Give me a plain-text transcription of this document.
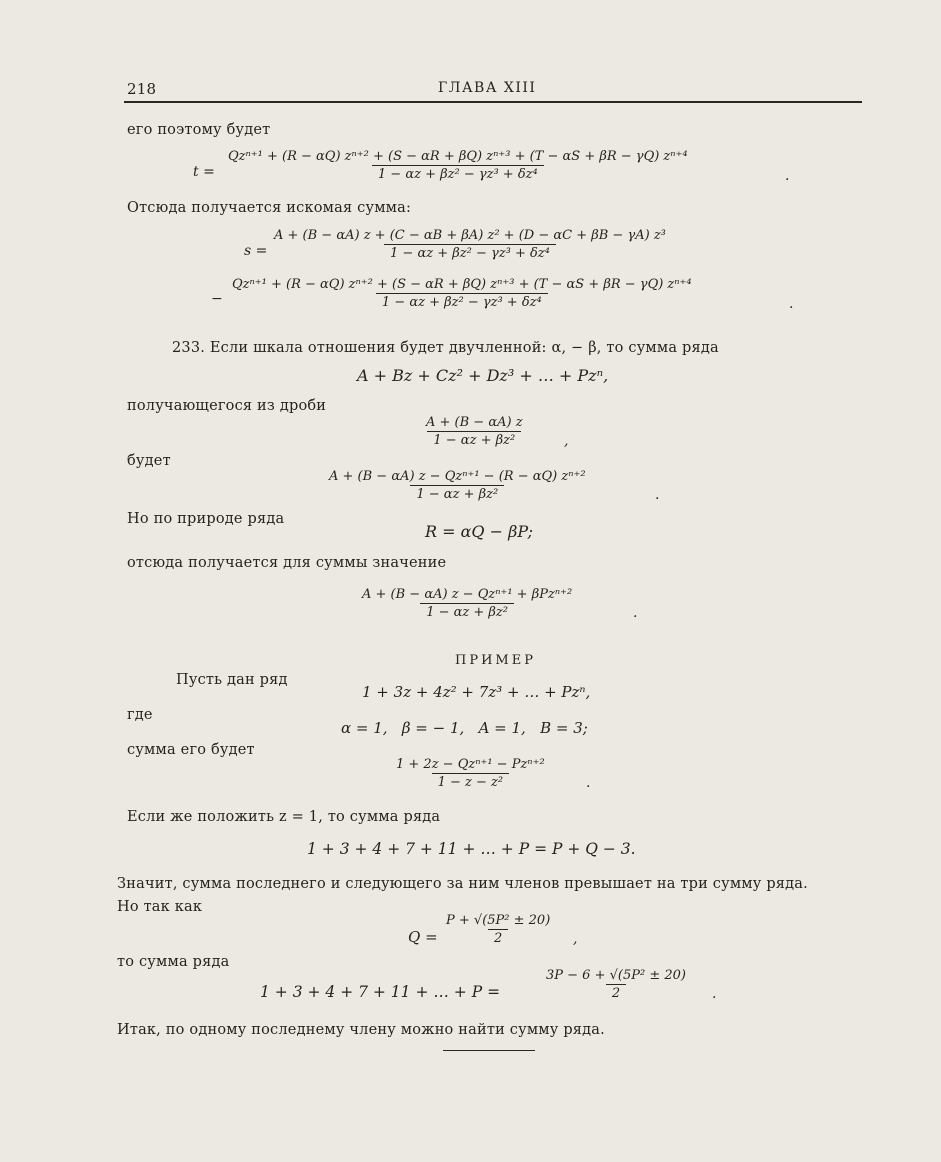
218	ГЛАВА XIII
его поэтому будет
t =
Qzⁿ⁺¹ + (R − αQ) zⁿ⁺² + (S − αR + βQ) zⁿ⁺³ + (T − αS + βR − γQ) zⁿ⁺⁴
1 − αz + βz² − γz³ + δz⁴	.
Отсюда получается искомая сумма:
$s = \frac{\text{A + (B − αA) z + (C − αB + βA) z² + (D − αC + βB − γA) z³}}{\text{1 − αz + βz² − γz³ + δz⁴}}$
−
Qzⁿ⁺¹ + (R − αQ) zⁿ⁺² + (S − αR + βQ) zⁿ⁺³ + (T − αS + βR − γQ) zⁿ⁺⁴
1 − αz + βz² − γz³ + δz⁴	.
233. Если шкала отношения будет двучленной: α, − β, то сумма ряда
A + Bz + Cz² + Dz³ + … + Pzⁿ,
получающегося из дроби
$\frac{A + (B - \alpha A) z}{\text{1 − αz + βz²}}$	,
будет
A + (B − αA) z − Qzⁿ⁺¹ − (R − αQ) zⁿ⁺²
1 − αz + βz²	.
Но по природе ряда
R = αQ − βP;
отсюда получается для суммы значение
A + (B − αA) z − Qzⁿ⁺¹ + βPzⁿ⁺²
1 − αz + βz²	.
ПРИМЕР
Пусть дан ряд
1 + 3z + 4z² + 7z³ + … + Pzⁿ,
где
α = 1,   β = − 1,   A = 1,   B = 3;
сумма его будет
1 + 2z − Qzⁿ⁺¹ − Pzⁿ⁺²
1 − z − z²	.
Если же положить z = 1, то сумма ряда
1 + 3 + 4 + 7 + 11 + … + P = P + Q − 3.
Значит, сумма последнего и следующего за ним членов превышает на три сумму ряда.
Но так как
$Q = \frac{\text{P + √(5P² ± 20)}}{2}$ ,
то сумма ряда
1 + 3 + 4 + 7 + 11 + … + P =	$\frac{\text{3P − 6 + √(5P² ± 20)}}{2}$ .
Итак, по одному последнему члену можно найти сумму ряда.
